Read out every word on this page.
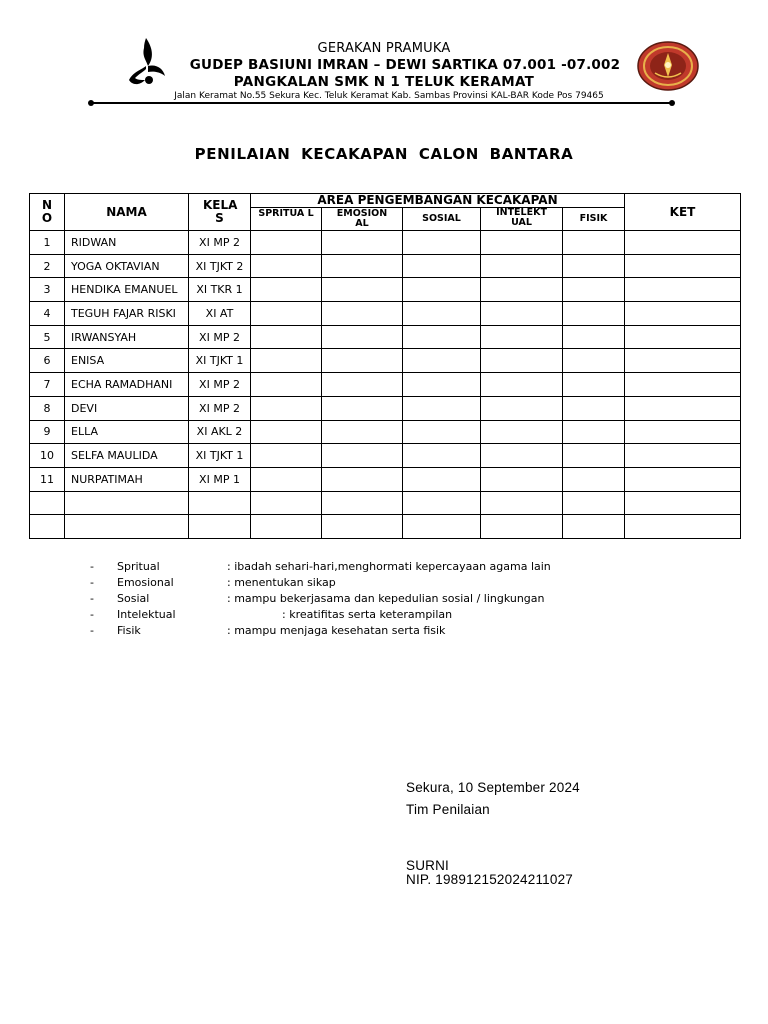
GERAKAN PRAMUKA
GUDEP BASIUNI IMRAN – DEWI SARTIKA 07.001 -07.002
PANGKALAN SMK N 1 TELUK KERAMAT
Jalan Keramat No.55 Sekura Kec. Teluk Keramat Kab. Sambas Provinsi KAL-BAR Kode Pos 79465
PENILAIAN KECAKAPAN CALON BANTARA
N O	NAMA	KELA S	AREA PENGEMBANGAN KECAKAPAN					KET
			SPRITUA L	EMOSION AL	SOSIAL	INTELEKT UAL	FISIK	
1	RIDWAN	XI MP 2						
2	YOGA OKTAVIAN	XI TJKT 2						
3	HENDIKA EMANUEL	XI TKR 1						
4	TEGUH FAJAR RISKI	XI AT						
5	IRWANSYAH	XI MP 2						
6	ENISA	XI TJKT 1						
7	ECHA RAMADHANI	XI MP 2						
8	DEVI	XI MP 2						
9	ELLA	XI AKL 2						
10	SELFA MAULIDA	XI TJKT 1						
11	NURPATIMAH	XI MP 1						

- Spritual	: ibadah sehari-hari,menghormati kepercayaan agama lain
- Emosional	: menentukan sikap
- Sosial	: mampu bekerjasama dan kepedulian sosial / lingkungan
- Intelektual	: kreatifitas serta keterampilan
- Fisik	: mampu menjaga kesehatan serta fisik
Sekura, 10 September 2024
Tim Penilaian
SURNI
NIP. 198912152024211027
